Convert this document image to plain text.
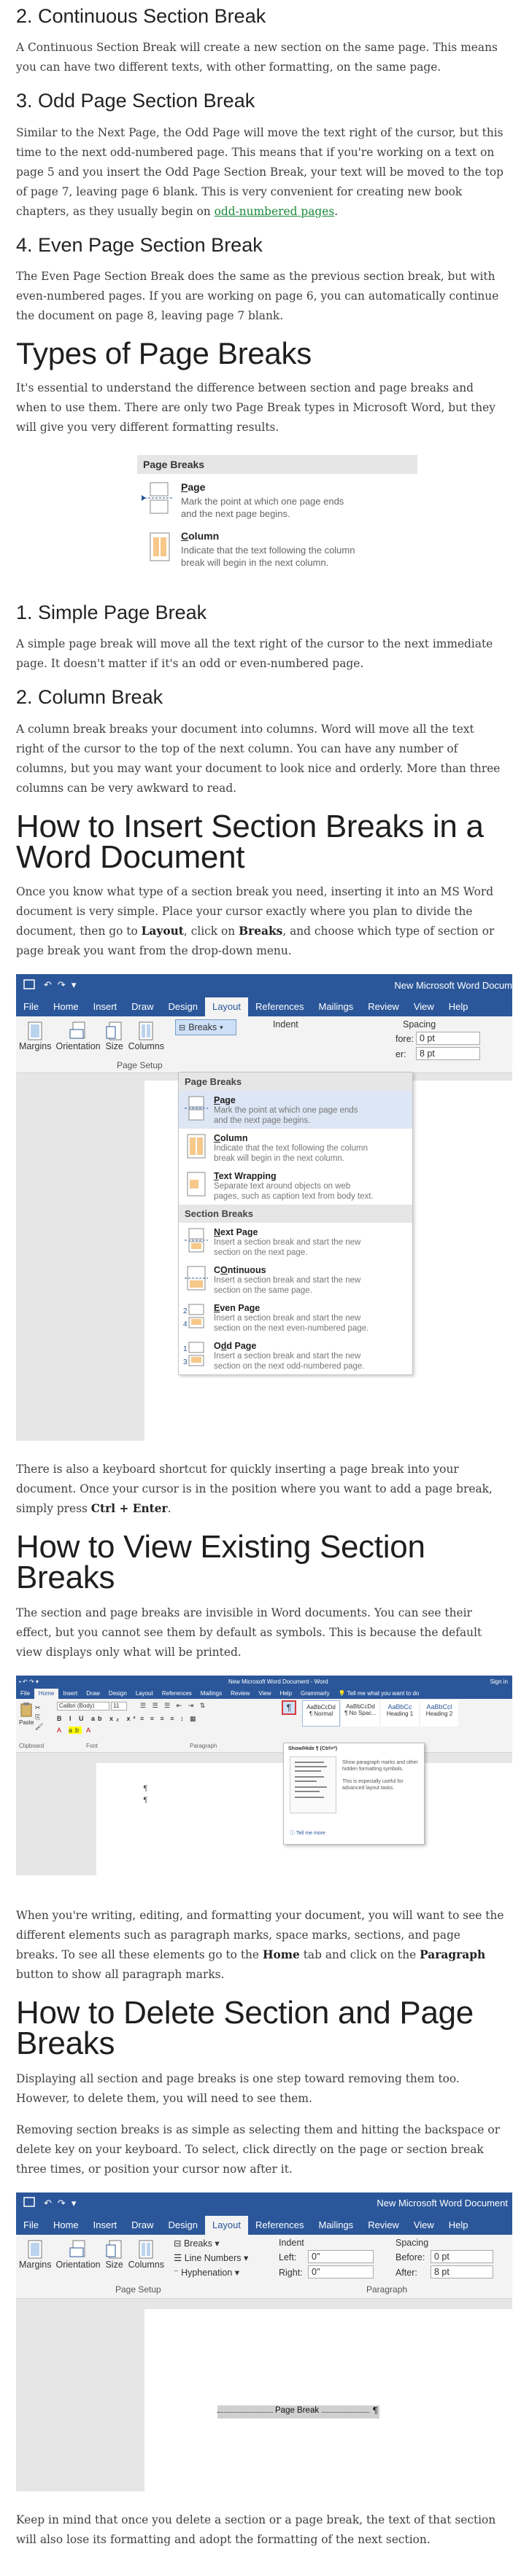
2. Continuous Section Break

A Continuous Section Break will create a new section on the same page. This means you can have two different texts, with other formatting, on the same page.

3. Odd Page Section Break

Similar to the Next Page, the Odd Page will move the text right of the cursor, but this time to the next odd-numbered page. This means that if you're working on a text on page 5 and you insert the Odd Page Section Break, your text will be moved to the top of page 7, leaving page 6 blank. This is very convenient for creating new book chapters, as they usually begin on odd-numbered pages.

4. Even Page Section Break

The Even Page Section Break does the same as the previous section break, but with even-numbered pages. If you are working on page 6, you can automatically continue the document on page 8, leaving page 7 blank.

Types of Page Breaks

It's essential to understand the difference between section and page breaks and when to use them. There are only two Page Break types in Microsoft Word, but they will give you very different formatting results.

Page Breaks
Page
Mark the point at which one page ends
and the next page begins.
Column
Indicate that the text following the column
break will begin in the next column.
1. Simple Page Break

A simple page break will move all the text right of the cursor to the next immediate page. It doesn't matter if it's an odd or even-numbered page.

2. Column Break

A column break breaks your document into columns. Word will move all the text right of the cursor to the top of the next column. You can have any number of columns, but you may want your document to look nice and orderly. More than three columns can be very awkward to read.

How to Insert Section Breaks in a Word Document

Once you know what type of a section break you need, inserting it into an MS Word document is very simple. Place your cursor exactly where you plan to divide the document, then go to Layout, click on Breaks, and choose which type of section or page break you want from the drop-down menu.

↶ ↷ ▾	New Microsoft Word Docum
File	Home	Insert	Draw	Design	Layout	References	Mailings	Review	View	Help
Margins Orientation Size Columns
⊟ Breaks ▾	Indent	Spacing
fore: 0 pt
er:	8 pt
Page Setup
Page Breaks
Page
Mark the point at which one page ends
and the next page begins.
Column
Indicate that the text following the column
break will begin in the next column.
Text Wrapping
Separate text around objects on web
pages, such as caption text from body text.
Section Breaks
Next Page
Insert a section break and start the new
section on the next page.
COntinuous
Insert a section break and start the new
section on the same page.
2
4
Even Page
Insert a section break and start the new
section on the next even-numbered page.
1
3
Odd Page
Insert a section break and start the new
section on the next odd-numbered page.

There is also a keyboard shortcut for quickly inserting a page break into your document. Once your cursor is in the position where you want to add a page break, simply press Ctrl + Enter.

How to View Existing Section Breaks

The section and page breaks are invisible in Word documents. You can see their effect, but you cannot see them by default as symbols. This is because the default view displays only what will be printed.

▪ ↶ ↷ ▾	New Microsoft Word Document - Word	Sign in
File	Home	Insert	Draw	Design	Layout	References	Mailings	Review	View	Help	Grammarly	💡 Tell me what you want to do
Paste
✂
⎘
🖌
Calibri (Body)	11
B I U ab x₂ x²
A ab A
☰ ☰ ☰ ⇤ ⇥ ⇅
≡ ≡ ≡ ≡ ↕ ▦
¶	AaBbCcDd
¶ Normal
AaBbCcDd
¶ No Spac...
AaBbCc
Heading 1
AaBbCcl
Heading 2
Clipboard	Font	Paragraph
¶
¶
Show/Hide ¶ (Ctrl+*)
Show paragraph marks and other hidden formatting symbols.
This is especially useful for advanced layout tasks.
ⓘ Tell me more

When you're writing, editing, and formatting your document, you will want to see the different elements such as paragraph marks, space marks, sections, and page breaks. To see all these elements go to the Home tab and click on the Paragraph button to show all paragraph marks.

How to Delete Section and Page Breaks

Displaying all section and page breaks is one step toward removing them too. However, to delete them, you will need to see them.

Removing section breaks is as simple as selecting them and hitting the backspace or delete key on your keyboard. To select, click directly on the page or section break three times, or position your cursor now after it.

↶ ↷ ▾	New Microsoft Word Document
File	Home	Insert	Draw	Design	Layout	References	Mailings	Review	View	Help
Margins Orientation Size Columns
⊟ Breaks ▾
☰ Line Numbers ▾
⁻ Hyphenation ▾
Indent
Left:	0"
Right: 0"
Spacing
Before:	0 pt
After:	8 pt
Page Setup	Paragraph
Page Break	¶

Keep in mind that once you delete a section or a page break, the text of that section will also lose its formatting and adopt the formatting of the next section.
